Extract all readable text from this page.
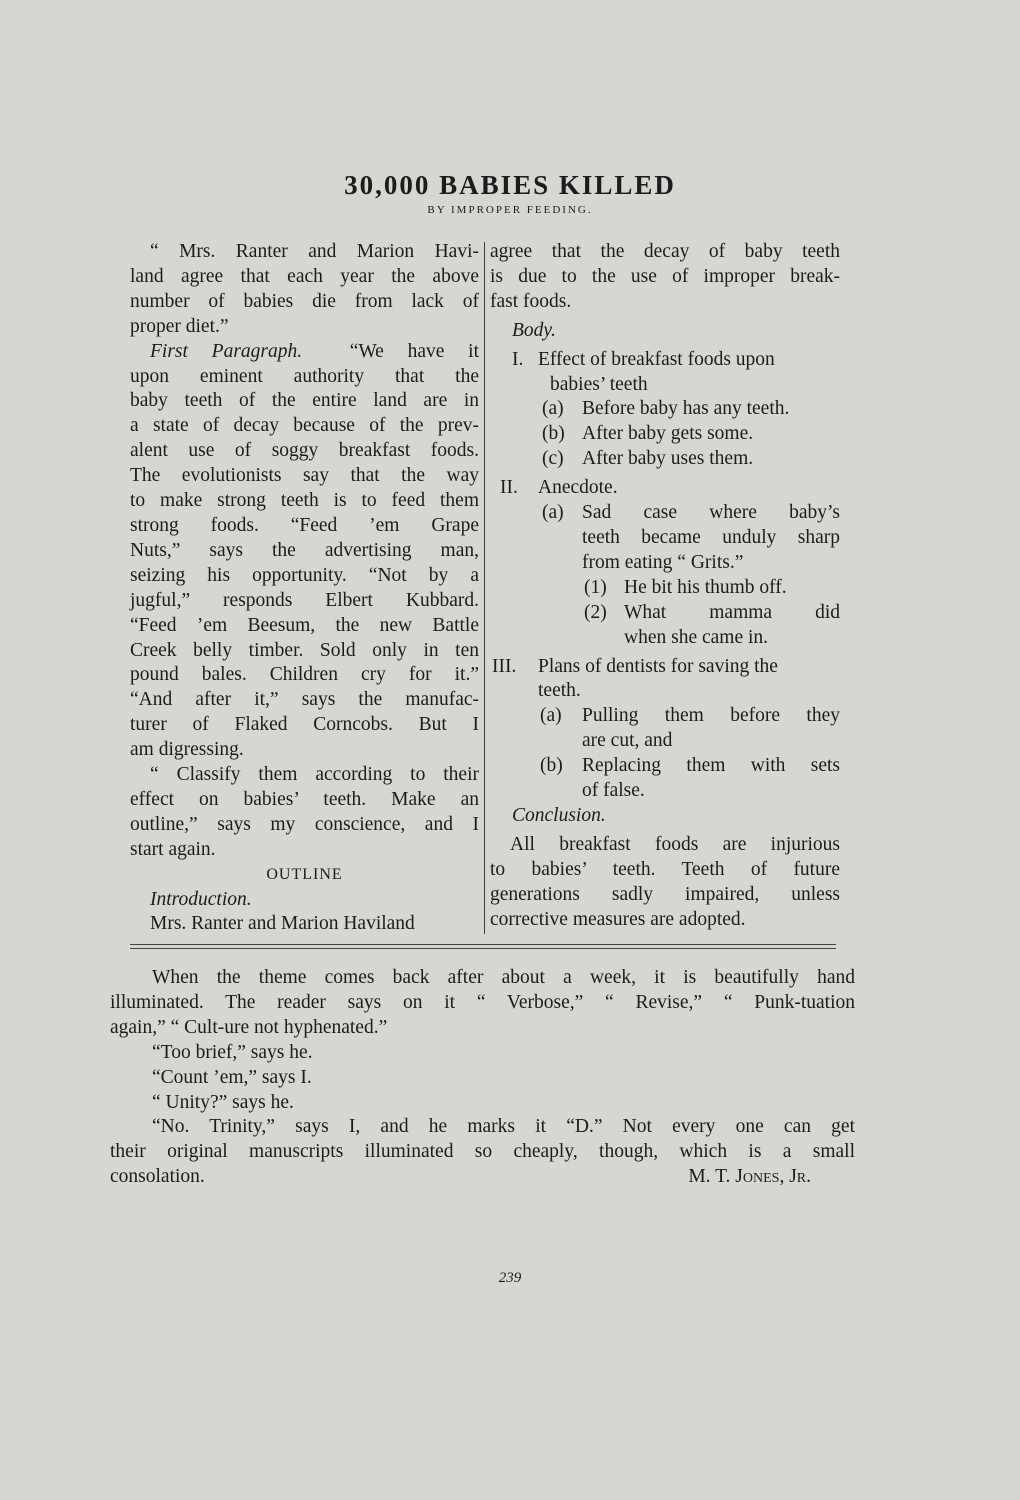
30,000 BABIES KILLED
BY IMPROPER FEEDING.

“ Mrs. Ranter and Marion Havi-

land agree that each year the above

number of babies die from lack of

proper diet.”

First Paragraph. “We have it

upon eminent authority that the

baby teeth of the entire land are in

a state of decay because of the prev-

alent use of soggy breakfast foods.

The evolutionists say that the way

to make strong teeth is to feed them

strong foods. “Feed ’em Grape

Nuts,” says the advertising man,

seizing his opportunity. “Not by a

jugful,” responds Elbert Kubbard.

“Feed ’em Beesum, the new Battle

Creek belly timber. Sold only in ten

pound bales. Children cry for it.”

“And after it,” says the manufac-

turer of Flaked Corncobs. But I

am digressing.

“ Classify them according to their

effect on babies’ teeth. Make an

outline,” says my conscience, and I

start again.

OUTLINE

Introduction.

Mrs. Ranter and Marion Haviland

agree that the decay of baby teeth

is due to the use of improper break-

fast foods.

Body.

I. Effect of breakfast foods upon

babies’ teeth

(a) Before baby has any teeth.

(b) After baby gets some.

(c) After baby uses them.

II.	Anecdote.

(a) Sad case where baby’s

teeth became unduly sharp

from eating “ Grits.”

(1) He bit his thumb off.

(2) What mamma did

when she came in.

III.	Plans of dentists for saving the

teeth.

(a)	Pulling them before they

are cut, and

(b) Replacing them with sets

of false.

Conclusion.

All breakfast foods are injurious

to babies’ teeth. Teeth of future

generations sadly impaired, unless

corrective measures are adopted.

When the theme comes back after about a week, it is beautifully hand

illuminated. The reader says on it “ Verbose,” “ Revise,” “ Punk-tuation

again,” “ Cult-ure not hyphenated.”

“Too brief,” says he.

“Count ’em,” says I.

“ Unity?” says he.

“No. Trinity,” says I, and he marks it “D.” Not every one can get

their original manuscripts illuminated so cheaply, though, which is a small

consolation.	M. T. Jones, Jr.

239
